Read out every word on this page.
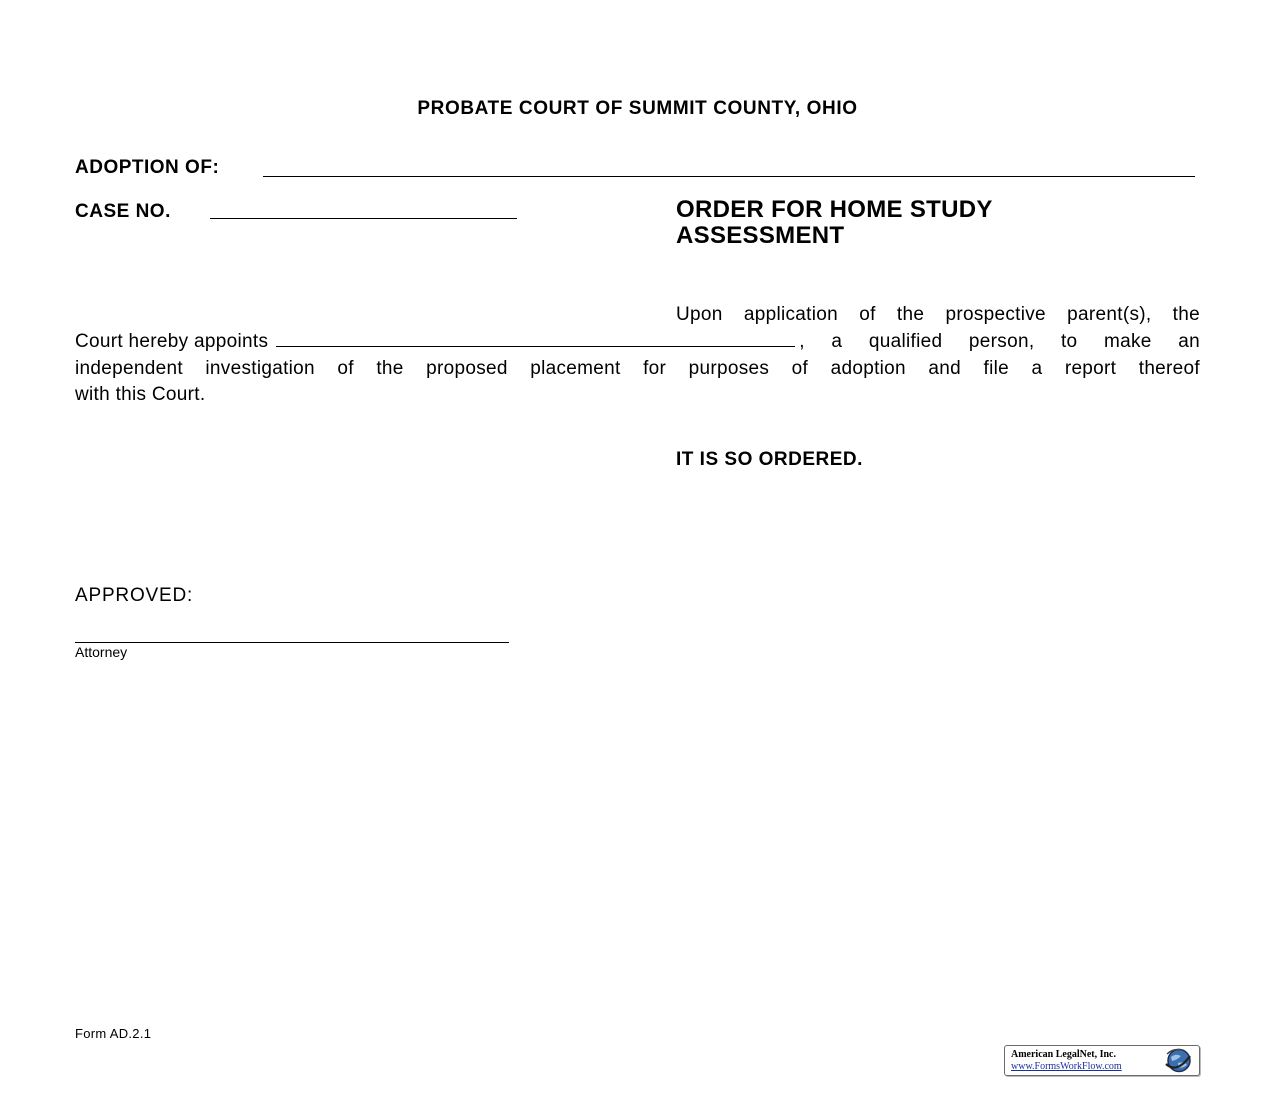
PROBATE COURT OF SUMMIT COUNTY, OHIO
ADOPTION OF:
CASE NO.	ORDER FOR HOME STUDY
ASSESSMENT
Upon application of the prospective parent(s), the
Court hereby appoints	, a qualified person, to make an
independent investigation of the proposed placement for purposes of adoption and file a report thereof
with this Court.
IT IS SO ORDERED.
APPROVED:
Attorney
Form AD.2.1
American LegalNet, Inc.
www.FormsWorkFlow.com
